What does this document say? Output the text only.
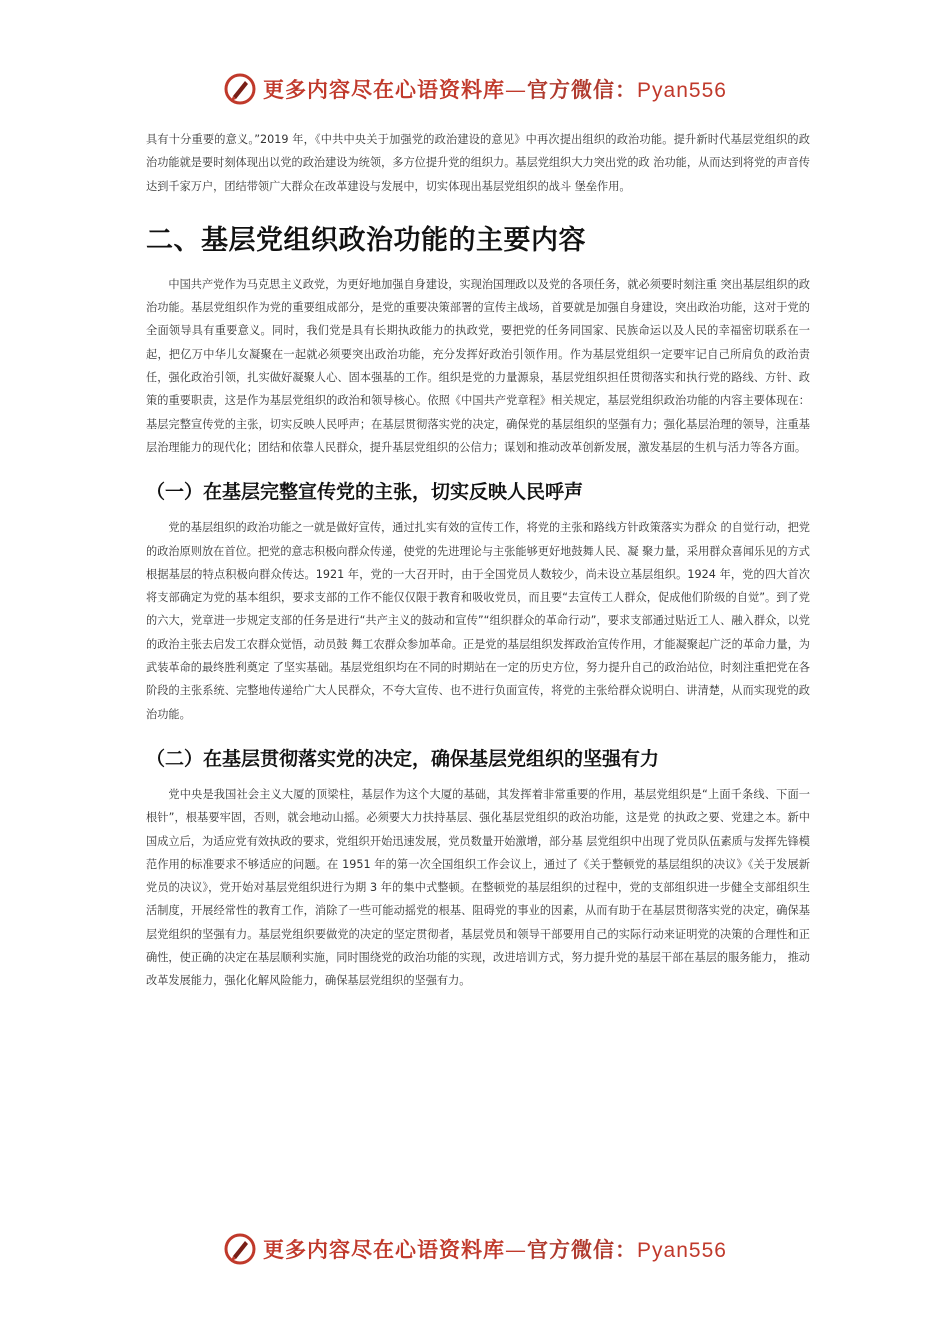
更多内容尽在心语资料库—官方微信：Pyan556

具有十分重要的意义。”2019 年，《中共中央关于加强党的政治建设的意见》中再次提出组织的政治功能。提升新时代基层党组织的政治功能就是要时刻体现出以党的政治建设为统领，多方位提升党的组织力。基层党组织大力突出党的政 治功能，从而达到将党的声音传达到千家万户，团结带领广大群众在改革建设与发展中，切实体现出基层党组织的战斗 堡垒作用。

二、基层党组织政治功能的主要内容

中国共产党作为马克思主义政党，为更好地加强自身建设，实现治国理政以及党的各项任务，就必须要时刻注重 突出基层组织的政治功能。基层党组织作为党的重要组成部分，是党的重要决策部署的宣传主战场，首要就是加强自身建设，突出政治功能，这对于党的全面领导具有重要意义。同时，我们党是具有长期执政能力的执政党，要把党的任务同国家、民族命运以及人民的幸福密切联系在一起，把亿万中华儿女凝聚在一起就必须要突出政治功能，充分发挥好政治引领作用。作为基层党组织一定要牢记自己所肩负的政治责任，强化政治引领，扎实做好凝聚人心、固本强基的工作。组织是党的力量源泉，基层党组织担任贯彻落实和执行党的路线、方针、政策的重要职责，这是作为基层党组织的政治和领导核心。依照《中国共产党章程》相关规定，基层党组织政治功能的内容主要体现在：基层完整宣传党的主张，切实反映人民呼声；在基层贯彻落实党的决定，确保党的基层组织的坚强有力；强化基层治理的领导，注重基层治理能力的现代化；团结和依靠人民群众，提升基层党组织的公信力；谋划和推动改革创新发展，激发基层的生机与活力等各方面。

（一）在基层完整宣传党的主张，切实反映人民呼声

党的基层组织的政治功能之一就是做好宣传，通过扎实有效的宣传工作，将党的主张和路线方针政策落实为群众 的自觉行动，把党的政治原则放在首位。把党的意志积极向群众传递，使党的先进理论与主张能够更好地鼓舞人民、凝 聚力量，采用群众喜闻乐见的方式根据基层的特点积极向群众传达。1921 年，党的一大召开时，由于全国党员人数较少，尚未设立基层组织。1924 年，党的四大首次将支部确定为党的基本组织，要求支部的工作不能仅仅限于教育和吸收党员，而且要“去宣传工人群众，促成他们阶级的自觉”。到了党的六大，党章进一步规定支部的任务是进行“共产主义的鼓动和宣传”“组织群众的革命行动”，要求支部通过贴近工人、融入群众，以党的政治主张去启发工农群众觉悟，动员鼓 舞工农群众参加革命。正是党的基层组织发挥政治宣传作用，才能凝聚起广泛的革命力量，为武装革命的最终胜利奠定 了坚实基础。基层党组织均在不同的时期站在一定的历史方位，努力提升自己的政治站位，时刻注重把党在各阶段的主张系统、完整地传递给广大人民群众，不夸大宣传、也不进行负面宣传，将党的主张给群众说明白、讲清楚，从而实现党的政治功能。

（二）在基层贯彻落实党的决定，确保基层党组织的坚强有力

党中央是我国社会主义大厦的顶梁柱，基层作为这个大厦的基础，其发挥着非常重要的作用，基层党组织是“上面千条线、下面一根针”，根基要牢固，否则，就会地动山摇。必须要大力扶持基层、强化基层党组织的政治功能，这是党 的执政之要、党建之本。新中国成立后，为适应党有效执政的要求，党组织开始迅速发展，党员数量开始激增，部分基 层党组织中出现了党员队伍素质与发挥先锋模范作用的标准要求不够适应的问题。在 1951 年的第一次全国组织工作会议上，通过了《关于整顿党的基层组织的决议》《关于发展新党员的决议》，党开始对基层党组织进行为期 3 年的集中式整顿。在整顿党的基层组织的过程中，党的支部组织进一步健全支部组织生活制度，开展经常性的教育工作，消除了一些可能动摇党的根基、阻碍党的事业的因素，从而有助于在基层贯彻落实党的决定，确保基层党组织的坚强有力。基层党组织要做党的决定的坚定贯彻者，基层党员和领导干部要用自己的实际行动来证明党的决策的合理性和正确性，使正确的决定在基层顺利实施，同时围绕党的政治功能的实现，改进培训方式，努力提升党的基层干部在基层的服务能力， 推动改革发展能力，强化化解风险能力，确保基层党组织的坚强有力。

更多内容尽在心语资料库—官方微信：Pyan556
